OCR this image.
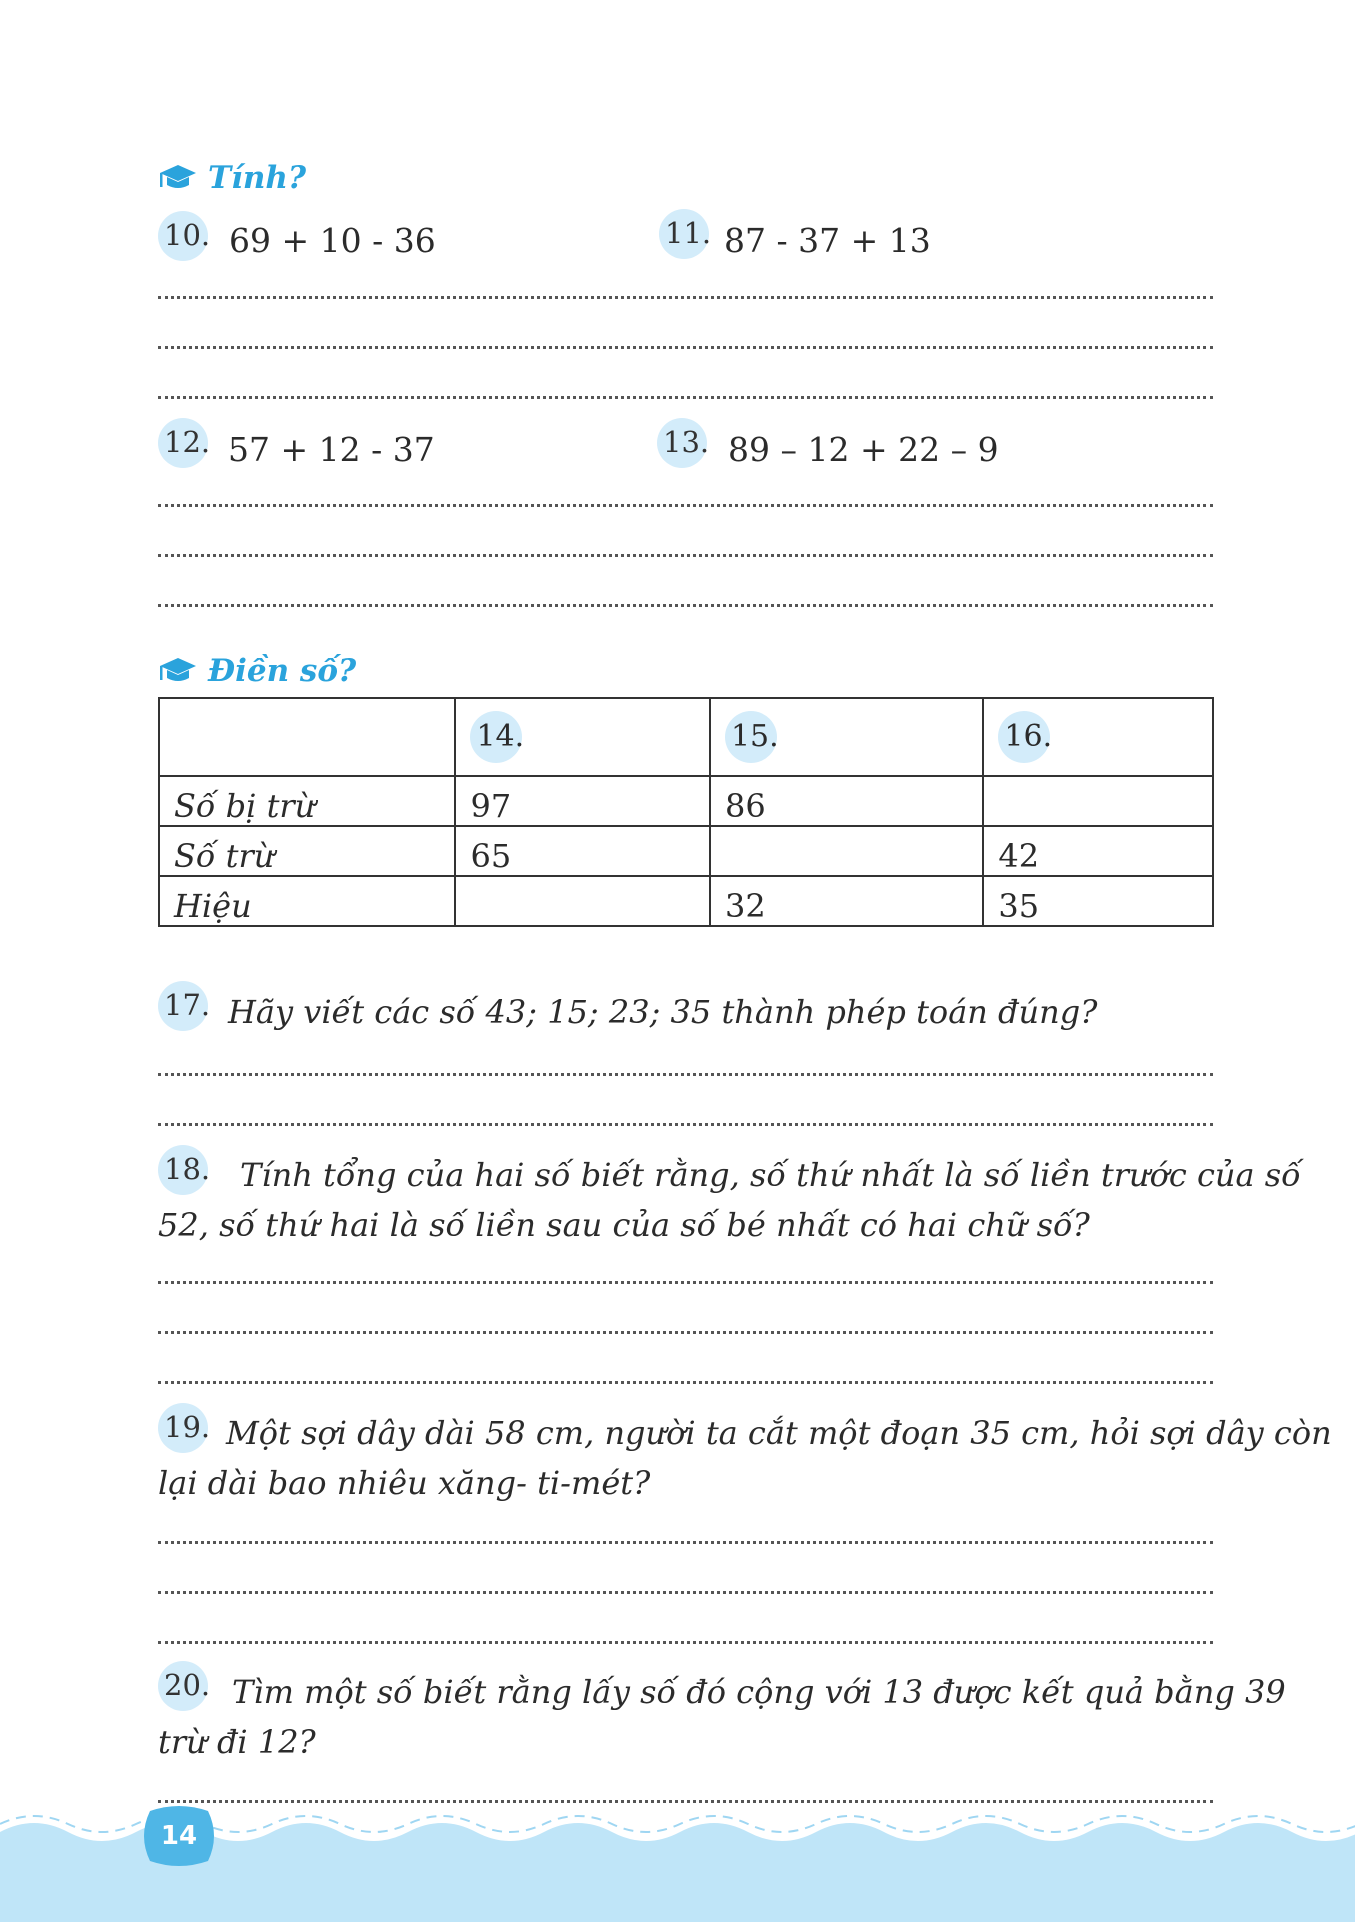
Tính?
10. 69 + 10 - 36	11. 87 - 37 + 13
12. 57 + 12 - 37	13. 89 – 12 + 22 – 9
Điền số?
	14.	15.	16.
Số bị trừ	97	86	
Số trừ	65		42
Hiệu		32	35
17. Hãy viết các số 43; 15; 23; 35 thành phép toán đúng?
18. Tính tổng của hai số biết rằng, số thứ nhất là số liền trước của số
52, số thứ hai là số liền sau của số bé nhất có hai chữ số?
19. Một sợi dây dài 58 cm, người ta cắt một đoạn 35 cm, hỏi sợi dây còn
lại dài bao nhiêu xăng- ti-mét?
20. Tìm một số biết rằng lấy số đó cộng với 13 được kết quả bằng 39
trừ đi 12?
14
